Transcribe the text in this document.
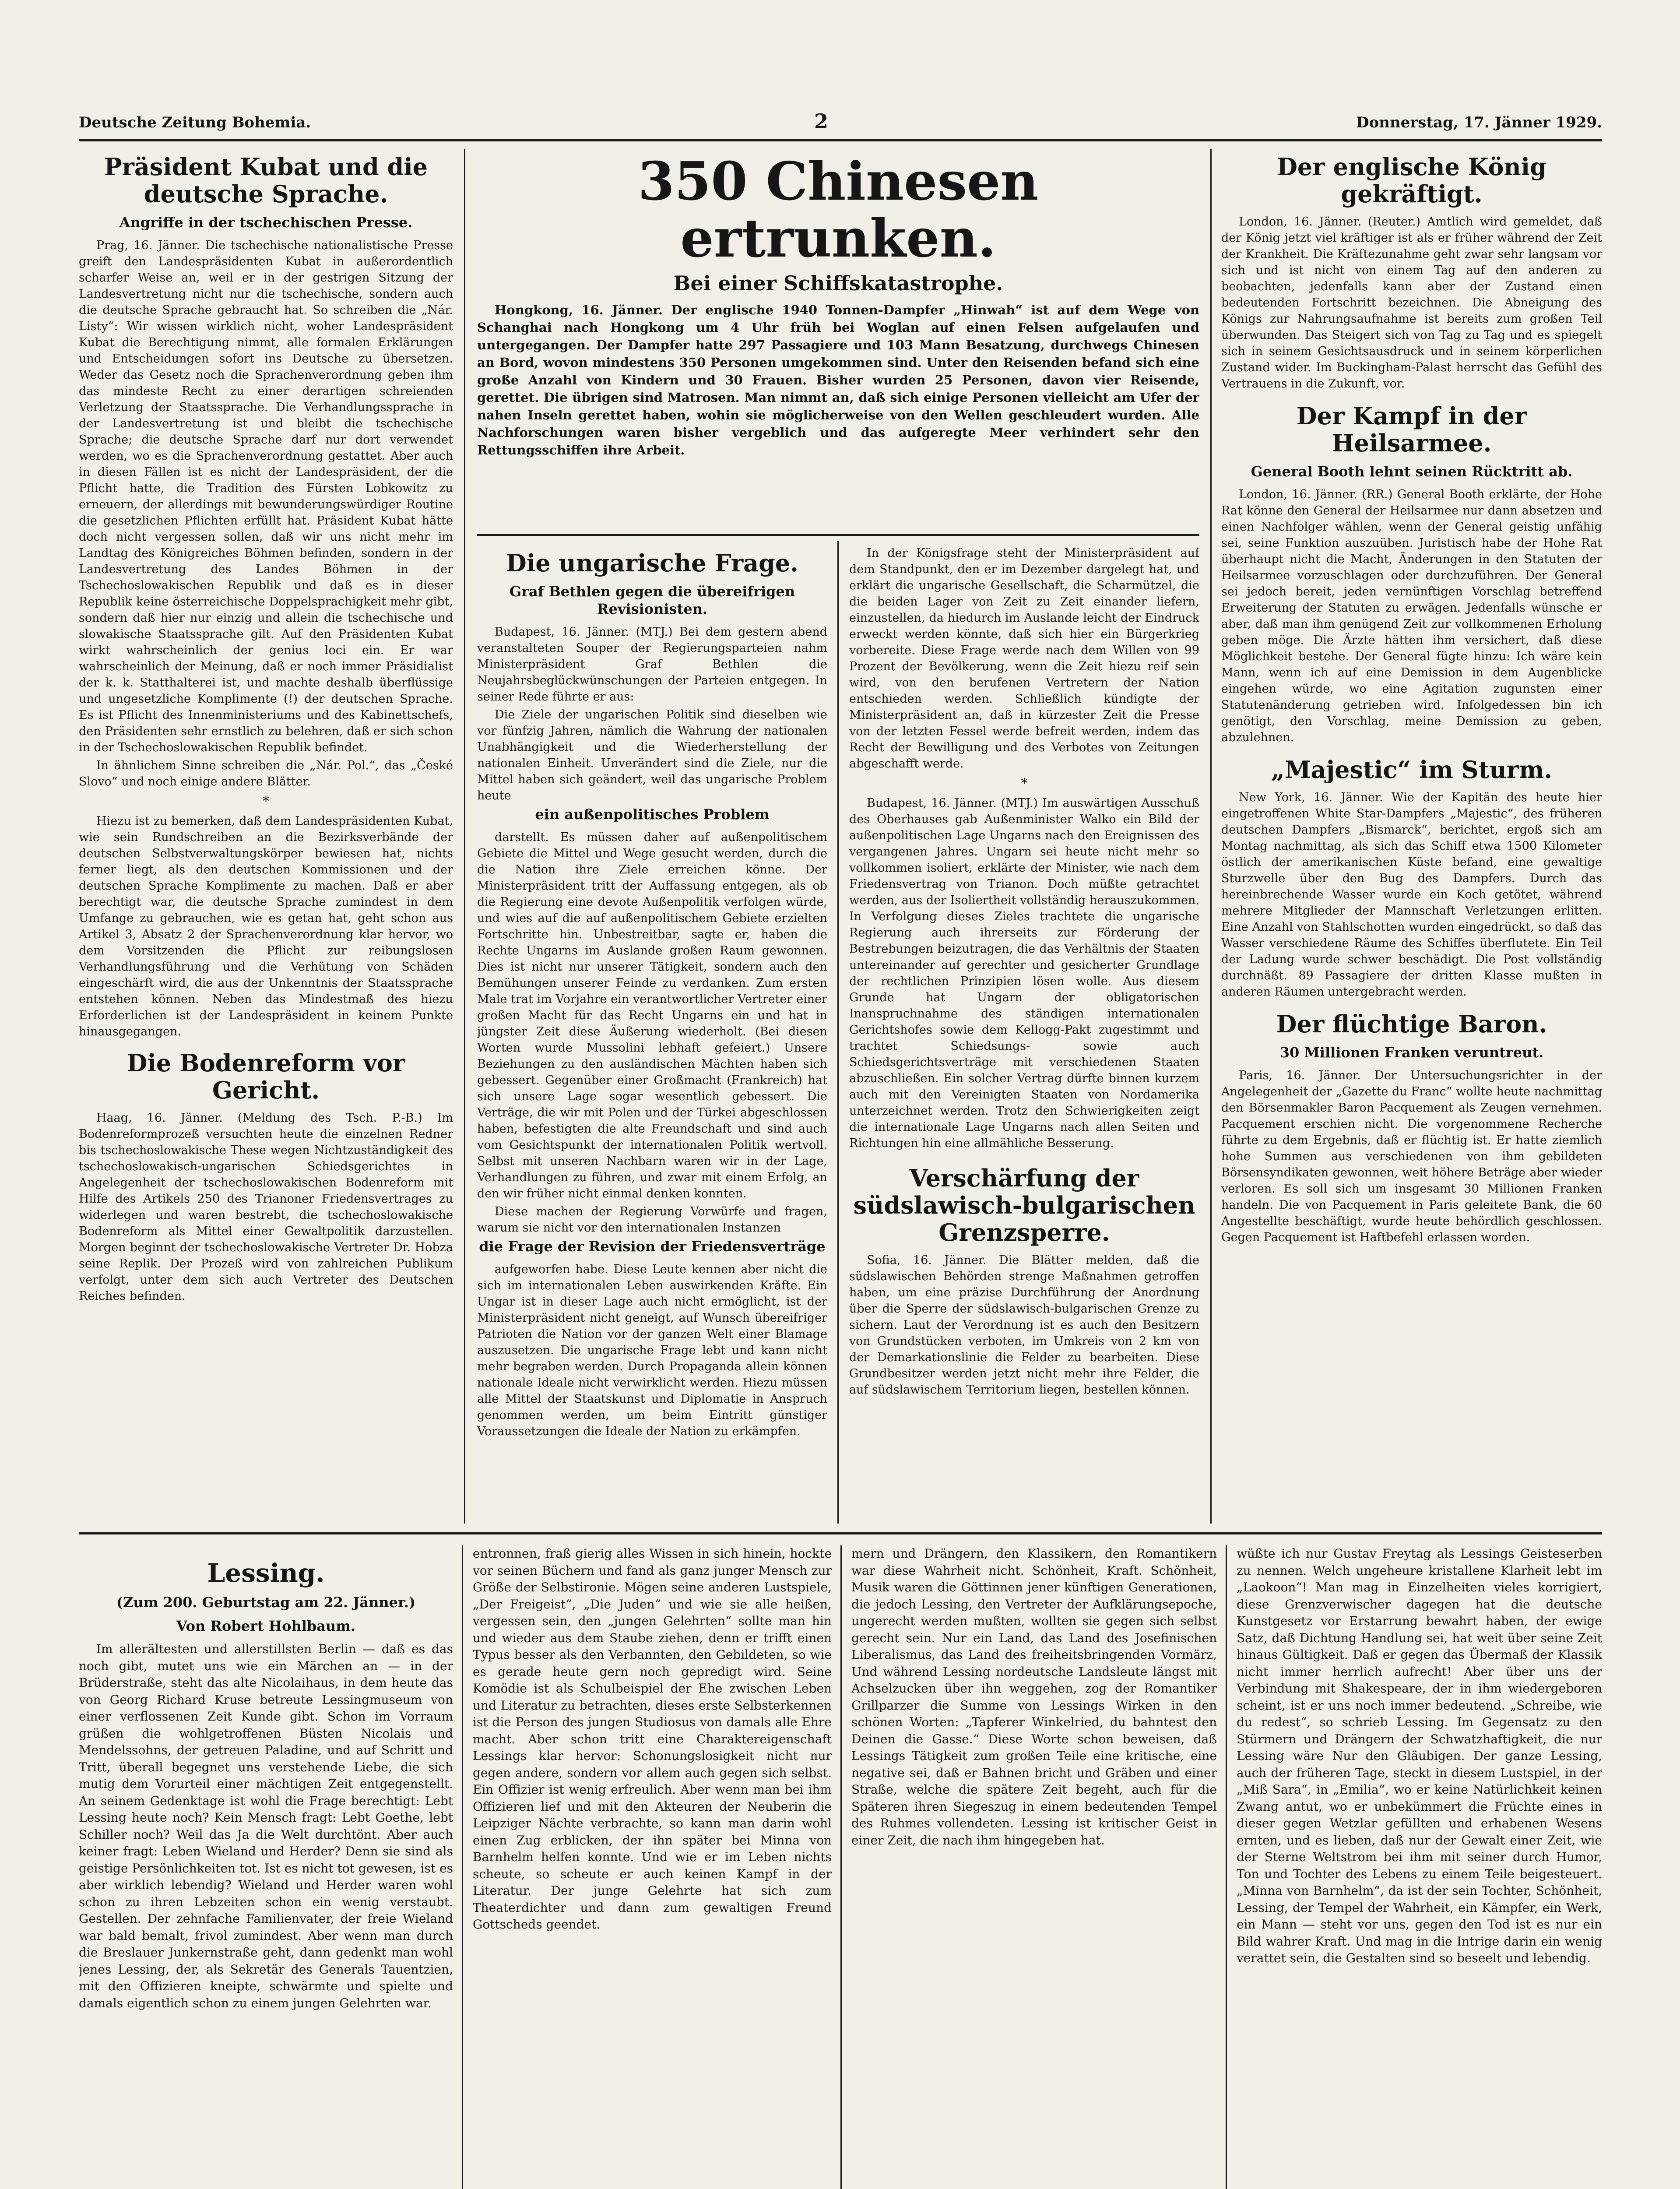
Deutsche Zeitung Bohemia.	2	Donnerstag, 17. Jänner 1929.
Präsident Kubat und die deutsche Sprache.
Angriffe in der tschechischen Presse.

Prag, 16. Jänner. Die tschechische nationalistische Presse greift den Landespräsidenten Kubat in außerordentlich scharfer Weise an, weil er in der gestrigen Sitzung der Landesvertretung nicht nur die tschechische, sondern auch die deutsche Sprache gebraucht hat. So schreiben die „Nár. Listy“: Wir wissen wirklich nicht, woher Landespräsident Kubat die Berechtigung nimmt, alle formalen Erklärungen und Entscheidungen sofort ins Deutsche zu übersetzen. Weder das Gesetz noch die Sprachenverordnung geben ihm das mindeste Recht zu einer derartigen schreienden Verletzung der Staatssprache. Die Verhandlungssprache in der Landesvertretung ist und bleibt die tschechische Sprache; die deutsche Sprache darf nur dort verwendet werden, wo es die Sprachenverordnung gestattet. Aber auch in diesen Fällen ist es nicht der Landespräsident, der die Pflicht hatte, die Tradition des Fürsten Lobkowitz zu erneuern, der allerdings mit bewunderungswürdiger Routine die gesetzlichen Pflichten erfüllt hat. Präsident Kubat hätte doch nicht vergessen sollen, daß wir uns nicht mehr im Landtag des Königreiches Böhmen befinden, sondern in der Landesvertretung des Landes Böhmen in der Tschechoslowakischen Republik und daß es in dieser Republik keine österreichische Doppelsprachigkeit mehr gibt, sondern daß hier nur einzig und allein die tschechische und slowakische Staatssprache gilt. Auf den Präsidenten Kubat wirkt wahrscheinlich der genius loci ein. Er war wahrscheinlich der Meinung, daß er noch immer Präsidialist der k. k. Statthalterei ist, und machte deshalb überflüssige und ungesetzliche Komplimente (!) der deutschen Sprache. Es ist Pflicht des Innenministeriums und des Kabinettschefs, den Präsidenten sehr ernstlich zu belehren, daß er sich schon in der Tschechoslowakischen Republik befindet.

In ähnlichem Sinne schreiben die „Nár. Pol.“, das „České Slovo“ und noch einige andere Blätter.

*

Hiezu ist zu bemerken, daß dem Landespräsidenten Kubat, wie sein Rundschreiben an die Bezirksverbände der deutschen Selbstverwaltungskörper bewiesen hat, nichts ferner liegt, als den deutschen Kommissionen und der deutschen Sprache Komplimente zu machen. Daß er aber berechtigt war, die deutsche Sprache zumindest in dem Umfange zu gebrauchen, wie es getan hat, geht schon aus Artikel 3, Absatz 2 der Sprachenverordnung klar hervor, wo dem Vorsitzenden die Pflicht zur reibungslosen Verhandlungsführung und die Verhütung von Schäden eingeschärft wird, die aus der Unkenntnis der Staatssprache entstehen können. Neben das Mindestmaß des hiezu Erforderlichen ist der Landespräsident in keinem Punkte hinausgegangen.

Die Bodenreform vor Gericht.

Haag, 16. Jänner. (Meldung des Tsch. P.-B.) Im Bodenreformprozeß versuchten heute die einzelnen Redner bis tschechoslowakische These wegen Nichtzuständigkeit des tschechoslowakisch-ungarischen Schiedsgerichtes in Angelegenheit der tschechoslowakischen Bodenreform mit Hilfe des Artikels 250 des Trianoner Friedensvertrages zu widerlegen und waren bestrebt, die tschechoslowakische Bodenreform als Mittel einer Gewaltpolitik darzustellen. Morgen beginnt der tschechoslowakische Vertreter Dr. Hobza seine Replik. Der Prozeß wird von zahlreichen Publikum verfolgt, unter dem sich auch Vertreter des Deutschen Reiches befinden.

350 Chinesen ertrunken.
Bei einer Schiffskatastrophe.

Hongkong, 16. Jänner. Der englische 1940 Tonnen-Dampfer „Hinwah“ ist auf dem Wege von Schanghai nach Hongkong um 4 Uhr früh bei Woglan auf einen Felsen aufgelaufen und untergegangen. Der Dampfer hatte 297 Passagiere und 103 Mann Besatzung, durchwegs Chinesen an Bord, wovon mindestens 350 Personen umgekommen sind. Unter den Reisenden befand sich eine große Anzahl von Kindern und 30 Frauen. Bisher wurden 25 Personen, davon vier Reisende, gerettet. Die übrigen sind Matrosen. Man nimmt an, daß sich einige Personen vielleicht am Ufer der nahen Inseln gerettet haben, wohin sie möglicherweise von den Wellen geschleudert wurden. Alle Nachforschungen waren bisher vergeblich und das aufgeregte Meer verhindert sehr den Rettungsschiffen ihre Arbeit.

Die ungarische Frage.
Graf Bethlen gegen die übereifrigen Revisionisten.

Budapest, 16. Jänner. (MTJ.) Bei dem gestern abend veranstalteten Souper der Regierungsparteien nahm Ministerpräsident Graf Bethlen die Neujahrsbeglückwünschungen der Parteien entgegen. In seiner Rede führte er aus:

Die Ziele der ungarischen Politik sind dieselben wie vor fünfzig Jahren, nämlich die Wahrung der nationalen Unabhängigkeit und die Wiederherstellung der nationalen Einheit. Unverändert sind die Ziele, nur die Mittel haben sich geändert, weil das ungarische Problem heute

ein außenpolitisches Problem

darstellt. Es müssen daher auf außenpolitischem Gebiete die Mittel und Wege gesucht werden, durch die die Nation ihre Ziele erreichen könne. Der Ministerpräsident tritt der Auffassung entgegen, als ob die Regierung eine devote Außenpolitik verfolgen würde, und wies auf die auf außenpolitischem Gebiete erzielten Fortschritte hin. Unbestreitbar, sagte er, haben die Rechte Ungarns im Auslande großen Raum gewonnen. Dies ist nicht nur unserer Tätigkeit, sondern auch den Bemühungen unserer Feinde zu verdanken. Zum ersten Male trat im Vorjahre ein verantwortlicher Vertreter einer großen Macht für das Recht Ungarns ein und hat in jüngster Zeit diese Äußerung wiederholt. (Bei diesen Worten wurde Mussolini lebhaft gefeiert.) Unsere Beziehungen zu den ausländischen Mächten haben sich gebessert. Gegenüber einer Großmacht (Frankreich) hat sich unsere Lage sogar wesentlich gebessert. Die Verträge, die wir mit Polen und der Türkei abgeschlossen haben, befestigten die alte Freundschaft und sind auch vom Gesichtspunkt der internationalen Politik wertvoll. Selbst mit unseren Nachbarn waren wir in der Lage, Verhandlungen zu führen, und zwar mit einem Erfolg, an den wir früher nicht einmal denken konnten.

Diese machen der Regierung Vorwürfe und fragen, warum sie nicht vor den internationalen Instanzen

die Frage der Revision der Friedensverträge

aufgeworfen habe. Diese Leute kennen aber nicht die sich im internationalen Leben auswirkenden Kräfte. Ein Ungar ist in dieser Lage auch nicht ermöglicht, ist der Ministerpräsident nicht geneigt, auf Wunsch übereifriger Patrioten die Nation vor der ganzen Welt einer Blamage auszusetzen. Die ungarische Frage lebt und kann nicht mehr begraben werden. Durch Propaganda allein können nationale Ideale nicht verwirklicht werden. Hiezu müssen alle Mittel der Staatskunst und Diplomatie in Anspruch genommen werden, um beim Eintritt günstiger Voraussetzungen die Ideale der Nation zu erkämpfen.

In der Königsfrage steht der Ministerpräsident auf dem Standpunkt, den er im Dezember dargelegt hat, und erklärt die ungarische Gesellschaft, die Scharmützel, die die beiden Lager von Zeit zu Zeit einander liefern, einzustellen, da hiedurch im Auslande leicht der Eindruck erweckt werden könnte, daß sich hier ein Bürgerkrieg vorbereite. Diese Frage werde nach dem Willen von 99 Prozent der Bevölkerung, wenn die Zeit hiezu reif sein wird, von den berufenen Vertretern der Nation entschieden werden. Schließlich kündigte der Ministerpräsident an, daß in kürzester Zeit die Presse von der letzten Fessel werde befreit werden, indem das Recht der Bewilligung und des Verbotes von Zeitungen abgeschafft werde.

*

Budapest, 16. Jänner. (MTJ.) Im auswärtigen Ausschuß des Oberhauses gab Außenminister Walko ein Bild der außenpolitischen Lage Ungarns nach den Ereignissen des vergangenen Jahres. Ungarn sei heute nicht mehr so vollkommen isoliert, erklärte der Minister, wie nach dem Friedensvertrag von Trianon. Doch müßte getrachtet werden, aus der Isoliertheit vollständig herauszukommen. In Verfolgung dieses Zieles trachtete die ungarische Regierung auch ihrerseits zur Förderung der Bestrebungen beizutragen, die das Verhältnis der Staaten untereinander auf gerechter und gesicherter Grundlage der rechtlichen Prinzipien lösen wolle. Aus diesem Grunde hat Ungarn der obligatorischen Inanspruchnahme des ständigen internationalen Gerichtshofes sowie dem Kellogg-Pakt zugestimmt und trachtet Schiedsungs- sowie auch Schiedsgerichtsverträge mit verschiedenen Staaten abzuschließen. Ein solcher Vertrag dürfte binnen kurzem auch mit den Vereinigten Staaten von Nordamerika unterzeichnet werden. Trotz den Schwierigkeiten zeigt die internationale Lage Ungarns nach allen Seiten und Richtungen hin eine allmähliche Besserung.

Verschärfung der südslawisch-bulgarischen Grenzsperre.

Sofia, 16. Jänner. Die Blätter melden, daß die südslawischen Behörden strenge Maßnahmen getroffen haben, um eine präzise Durchführung der Anordnung über die Sperre der südslawisch-bulgarischen Grenze zu sichern. Laut der Verordnung ist es auch den Besitzern von Grundstücken verboten, im Umkreis von 2 km von der Demarkationslinie die Felder zu bearbeiten. Diese Grundbesitzer werden jetzt nicht mehr ihre Felder, die auf südslawischem Territorium liegen, bestellen können.

Der englische König gekräftigt.

London, 16. Jänner. (Reuter.) Amtlich wird gemeldet, daß der König jetzt viel kräftiger ist als er früher während der Zeit der Krankheit. Die Kräftezunahme geht zwar sehr langsam vor sich und ist nicht von einem Tag auf den anderen zu beobachten, jedenfalls kann aber der Zustand einen bedeutenden Fortschritt bezeichnen. Die Abneigung des Königs zur Nahrungsaufnahme ist bereits zum großen Teil überwunden. Das Steigert sich von Tag zu Tag und es spiegelt sich in seinem Gesichtsausdruck und in seinem körperlichen Zustand wider. Im Buckingham-Palast herrscht das Gefühl des Vertrauens in die Zukunft, vor.

Der Kampf in der Heilsarmee.
General Booth lehnt seinen Rücktritt ab.

London, 16. Jänner. (RR.) General Booth erklärte, der Hohe Rat könne den General der Heilsarmee nur dann absetzen und einen Nachfolger wählen, wenn der General geistig unfähig sei, seine Funktion auszuüben. Juristisch habe der Hohe Rat überhaupt nicht die Macht, Änderungen in den Statuten der Heilsarmee vorzuschlagen oder durchzuführen. Der General sei jedoch bereit, jeden vernünftigen Vorschlag betreffend Erweiterung der Statuten zu erwägen. Jedenfalls wünsche er aber, daß man ihm genügend Zeit zur vollkommenen Erholung geben möge. Die Ärzte hätten ihm versichert, daß diese Möglichkeit bestehe. Der General fügte hinzu: Ich wäre kein Mann, wenn ich auf eine Demission in dem Augenblicke eingehen würde, wo eine Agitation zugunsten einer Statutenänderung getrieben wird. Infolgedessen bin ich genötigt, den Vorschlag, meine Demission zu geben, abzulehnen.

„Majestic“ im Sturm.

New York, 16. Jänner. Wie der Kapitän des heute hier eingetroffenen White Star-Dampfers „Majestic“, des früheren deutschen Dampfers „Bismarck“, berichtet, ergoß sich am Montag nachmittag, als sich das Schiff etwa 1500 Kilometer östlich der amerikanischen Küste befand, eine gewaltige Sturzwelle über den Bug des Dampfers. Durch das hereinbrechende Wasser wurde ein Koch getötet, während mehrere Mitglieder der Mannschaft Verletzungen erlitten. Eine Anzahl von Stahlschotten wurden eingedrückt, so daß das Wasser verschiedene Räume des Schiffes überflutete. Ein Teil der Ladung wurde schwer beschädigt. Die Post vollständig durchnäßt. 89 Passagiere der dritten Klasse mußten in anderen Räumen untergebracht werden.

Der flüchtige Baron.
30 Millionen Franken veruntreut.

Paris, 16. Jänner. Der Untersuchungsrichter in der Angelegenheit der „Gazette du Franc“ wollte heute nachmittag den Börsenmakler Baron Pacquement als Zeugen vernehmen. Pacquement erschien nicht. Die vorgenommene Recherche führte zu dem Ergebnis, daß er flüchtig ist. Er hatte ziemlich hohe Summen aus verschiedenen von ihm gebildeten Börsensyndikaten gewonnen, weit höhere Beträge aber wieder verloren. Es soll sich um insgesamt 30 Millionen Franken handeln. Die von Pacquement in Paris geleitete Bank, die 60 Angestellte beschäftigt, wurde heute behördlich geschlossen. Gegen Pacquement ist Haftbefehl erlassen worden.

Lessing.
(Zum 200. Geburtstag am 22. Jänner.)
Von Robert Hohlbaum.

Im allerältesten und allerstillsten Berlin — daß es das noch gibt, mutet uns wie ein Märchen an — in der Brüderstraße, steht das alte Nicolaihaus, in dem heute das von Georg Richard Kruse betreute Lessingmuseum von einer verflossenen Zeit Kunde gibt. Schon im Vorraum grüßen die wohlgetroffenen Büsten Nicolais und Mendelssohns, der getreuen Paladine, und auf Schritt und Tritt, überall begegnet uns verstehende Liebe, die sich mutig dem Vorurteil einer mächtigen Zeit entgegenstellt. An seinem Gedenktage ist wohl die Frage berechtigt: Lebt Lessing heute noch? Kein Mensch fragt: Lebt Goethe, lebt Schiller noch? Weil das Ja die Welt durchtönt. Aber auch keiner fragt: Leben Wieland und Herder? Denn sie sind als geistige Persönlichkeiten tot. Ist es nicht tot gewesen, ist es aber wirklich lebendig? Wieland und Herder waren wohl schon zu ihren Lebzeiten schon ein wenig verstaubt. Gestellen. Der zehnfache Familienvater, der freie Wieland war bald bemalt, frivol zumindest. Aber wenn man durch die Breslauer Junkernstraße geht, dann gedenkt man wohl jenes Lessing, der, als Sekretär des Generals Tauentzien, mit den Offizieren kneipte, schwärmte und spielte und damals eigentlich schon zu einem jungen Gelehrten war.

entronnen, fraß gierig alles Wissen in sich hinein, hockte vor seinen Büchern und fand als ganz junger Mensch zur Größe der Selbstironie. Mögen seine anderen Lustspiele, „Der Freigeist“, „Die Juden“ und wie sie alle heißen, vergessen sein, den „jungen Gelehrten“ sollte man hin und wieder aus dem Staube ziehen, denn er trifft einen Typus besser als den Verbannten, den Gebildeten, so wie es gerade heute gern noch gepredigt wird. Seine Komödie ist als Schulbeispiel der Ehe zwischen Leben und Literatur zu betrachten, dieses erste Selbsterkennen ist die Person des jungen Studiosus von damals alle Ehre macht. Aber schon tritt eine Charaktereigenschaft Lessings klar hervor: Schonungslosigkeit nicht nur gegen andere, sondern vor allem auch gegen sich selbst. Ein Offizier ist wenig erfreulich. Aber wenn man bei ihm Offizieren lief und mit den Akteuren der Neuberin die Leipziger Nächte verbrachte, so kann man darin wohl einen Zug erblicken, der ihn später bei Minna von Barnhelm helfen konnte. Und wie er im Leben nichts scheute, so scheute er auch keinen Kampf in der Literatur. Der junge Gelehrte hat sich zum Theaterdichter und dann zum gewaltigen Freund Gottscheds geendet.

mern und Drängern, den Klassikern, den Romantikern war diese Wahrheit nicht. Schönheit, Kraft. Schönheit, Musik waren die Göttinnen jener künftigen Generationen, die jedoch Lessing, den Vertreter der Aufklärungsepoche, ungerecht werden mußten, wollten sie gegen sich selbst gerecht sein. Nur ein Land, das Land des Josefinischen Liberalismus, das Land des freiheitsbringenden Vormärz, Und während Lessing nordeutsche Landsleute längst mit Achselzucken über ihn weggehen, zog der Romantiker Grillparzer die Summe von Lessings Wirken in den schönen Worten: „Tapferer Winkelried, du bahntest den Deinen die Gasse.“ Diese Worte schon beweisen, daß Lessings Tätigkeit zum großen Teile eine kritische, eine negative sei, daß er Bahnen bricht und Gräben und einer Straße, welche die spätere Zeit begeht, auch für die Späteren ihren Siegeszug in einem bedeutenden Tempel des Ruhmes vollendeten. Lessing ist kritischer Geist in einer Zeit, die nach ihm hingegeben hat.

wüßte ich nur Gustav Freytag als Lessings Geisteserben zu nennen. Welch ungeheure kristallene Klarheit lebt im „Laokoon“! Man mag in Einzelheiten vieles korrigiert, diese Grenzverwischer dagegen hat die deutsche Kunstgesetz vor Erstarrung bewahrt haben, der ewige Satz, daß Dichtung Handlung sei, hat weit über seine Zeit hinaus Gültigkeit. Daß er gegen das Übermaß der Klassik nicht immer herrlich aufrecht! Aber über uns der Verbindung mit Shakespeare, der in ihm wiedergeboren scheint, ist er uns noch immer bedeutend. „Schreibe, wie du redest“, so schrieb Lessing. Im Gegensatz zu den Stürmern und Drängern der Schwatzhaftigkeit, die nur Lessing wäre Nur den Gläubigen. Der ganze Lessing, auch der früheren Tage, steckt in diesem Lustspiel, in der „Miß Sara“, in „Emilia“, wo er keine Natürlichkeit keinen Zwang antut, wo er unbekümmert die Früchte eines in dieser gegen Wetzlar gefüllten und erhabenen Wesens ernten, und es lieben, daß nur der Gewalt einer Zeit, wie der Sterne Weltstrom bei ihm mit seiner durch Humor, Ton und Tochter des Lebens zu einem Teile beigesteuert. „Minna von Barnhelm“, da ist der sein Tochter, Schönheit, Lessing, der Tempel der Wahrheit, ein Kämpfer, ein Werk, ein Mann — steht vor uns, gegen den Tod ist es nur ein Bild wahrer Kraft. Und mag in die Intrige darin ein wenig verattet sein, die Gestalten sind so beseelt und lebendig.
